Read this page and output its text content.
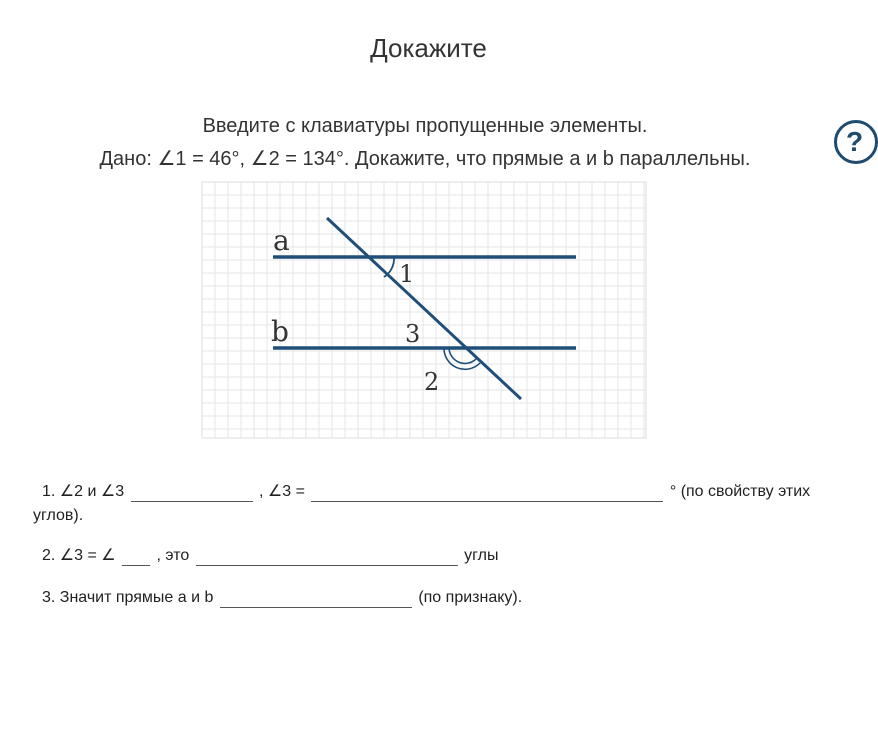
Докажите
Введите с клавиатуры пропущенные элементы.
Дано: ∠1 = 46°, ∠2 = 134°. Докажите, что прямые a и b параллельны.
?
a
b
1
3
2
1. ∠2 и ∠3	, ∠3 =	° (по свойству этих
углов).
2. ∠3 = ∠	, это	углы
3. Значит прямые a и b	(по признаку).
